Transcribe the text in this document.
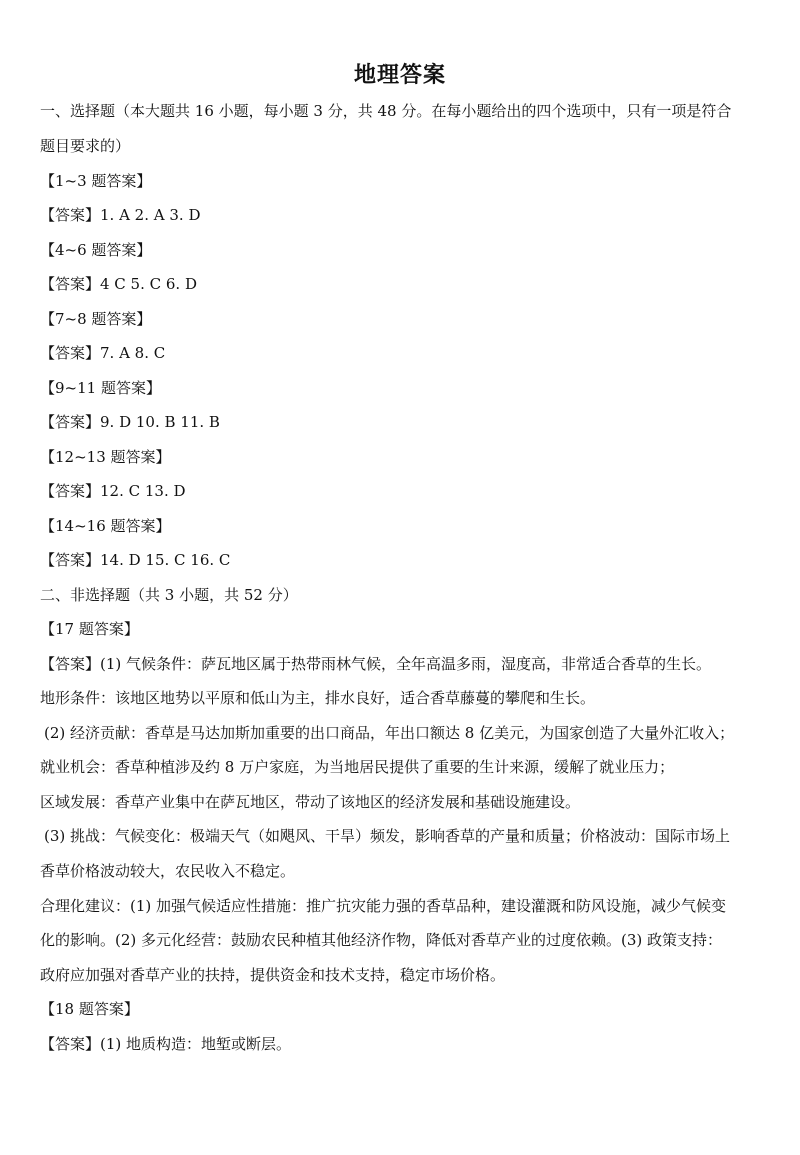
地理答案
一、选择题（本大题共 16 小题，每小题 3 分，共 48 分。在每小题给出的四个选项中，只有一项是符合
题目要求的）
【1~3 题答案】
【答案】1. A 2. A 3. D
【4~6 题答案】
【答案】4 C 5. C 6. D
【7~8 题答案】
【答案】7. A 8. C
【9~11 题答案】
【答案】9. D 10. B 11. B
【12~13 题答案】
【答案】12. C 13. D
【14~16 题答案】
【答案】14. D 15. C 16. C
二、非选择题（共 3 小题，共 52 分）
【17 题答案】
【答案】(1) 气候条件：萨瓦地区属于热带雨林气候，全年高温多雨，湿度高，非常适合香草的生长。
地形条件：该地区地势以平原和低山为主，排水良好，适合香草藤蔓的攀爬和生长。
(2) 经济贡献：香草是马达加斯加重要的出口商品，年出口额达 8 亿美元，为国家创造了大量外汇收入；
就业机会：香草种植涉及约 8 万户家庭，为当地居民提供了重要的生计来源，缓解了就业压力；
区域发展：香草产业集中在萨瓦地区，带动了该地区的经济发展和基础设施建设。
(3) 挑战：气候变化：极端天气（如飓风、干旱）频发，影响香草的产量和质量；价格波动：国际市场上
香草价格波动较大，农民收入不稳定。
合理化建议：(1) 加强气候适应性措施：推广抗灾能力强的香草品种，建设灌溉和防风设施，减少气候变
化的影响。(2) 多元化经营：鼓励农民种植其他经济作物，降低对香草产业的过度依赖。(3) 政策支持：
政府应加强对香草产业的扶持，提供资金和技术支持，稳定市场价格。
【18 题答案】
【答案】(1) 地质构造：地堑或断层。
